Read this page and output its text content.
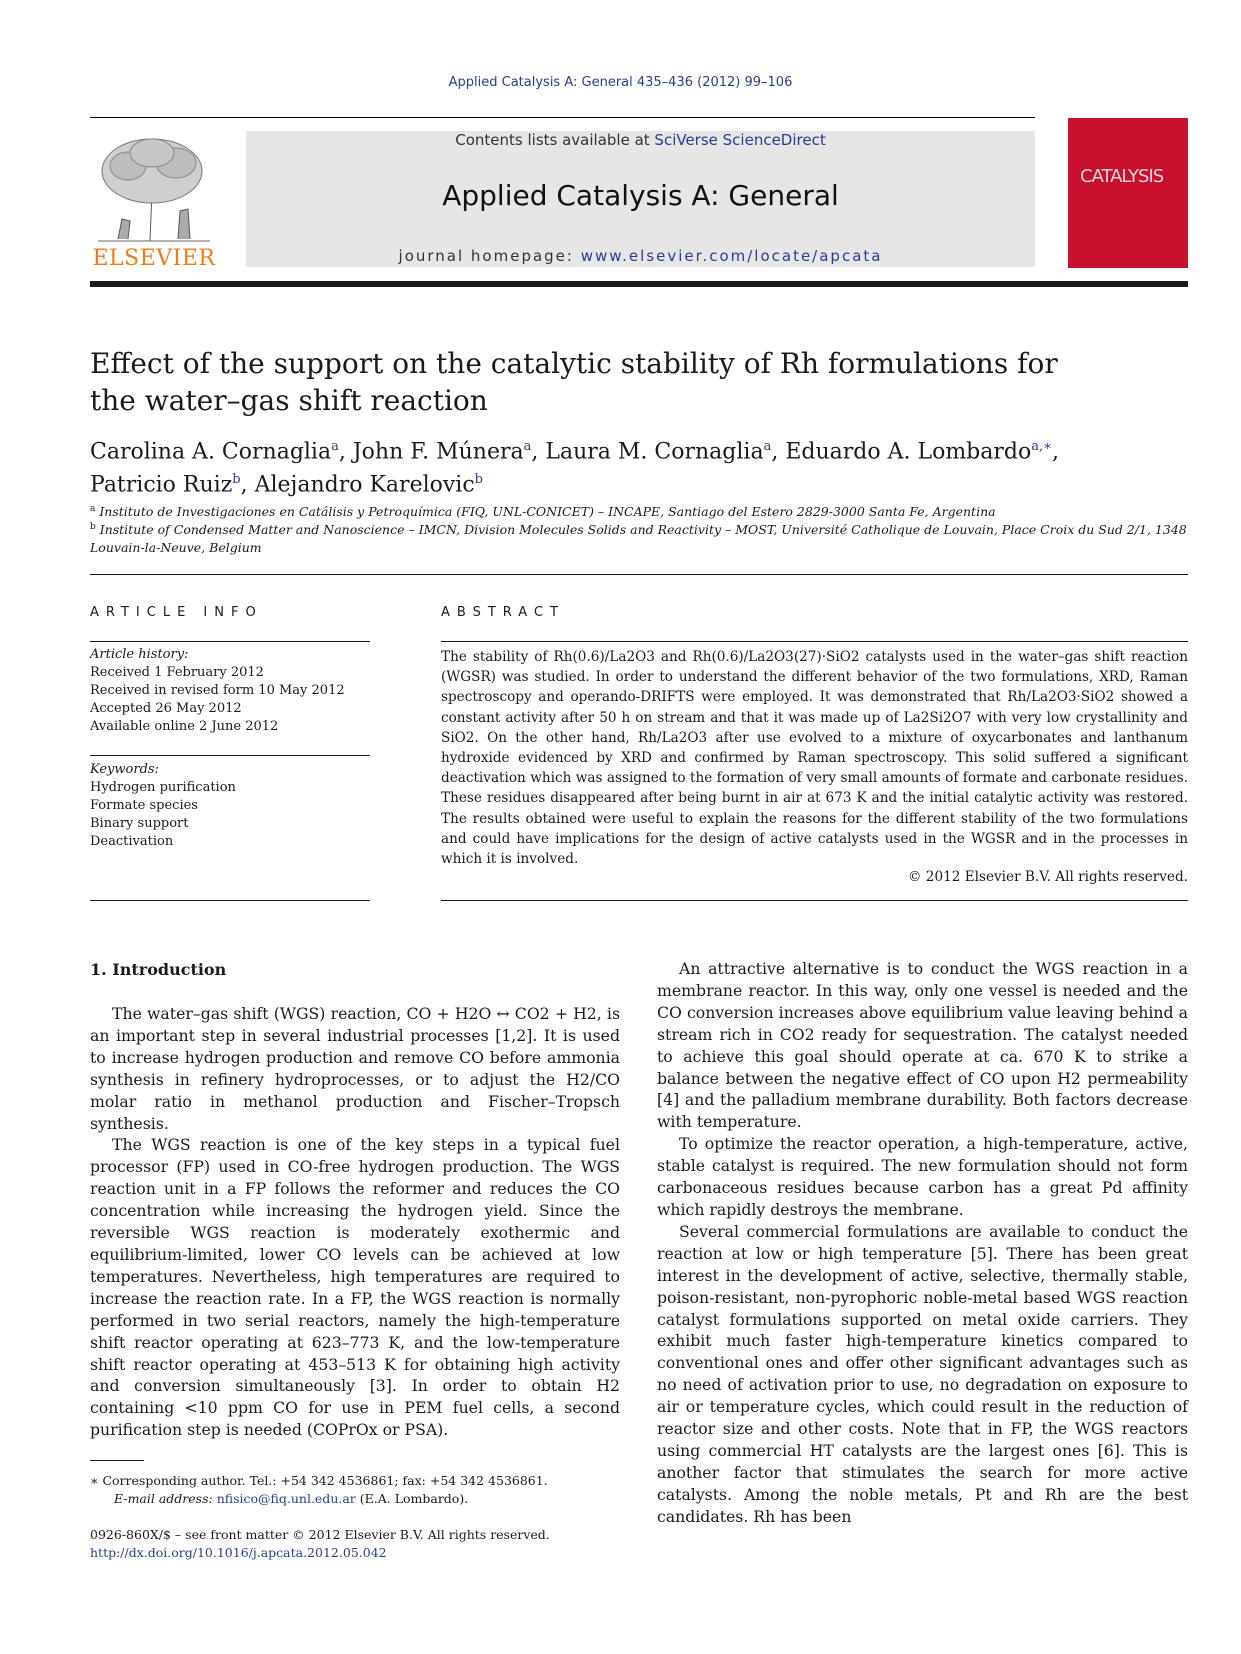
Applied Catalysis A: General 435–436 (2012) 99–106
ELSEVIER
Contents lists available at SciVerse ScienceDirect
Applied Catalysis A: General
journal homepage: www.elsevier.com/locate/apcata
CATALYSIS
Effect of the support on the catalytic stability of Rh formulations for
the water–gas shift reaction
Carolina A. Cornaglia$^a$, John F. Múnera$^a$, Laura M. Cornaglia$^a$, Eduardo A. Lombardo$^{a,∗}$,
Patricio Ruiz$^b$, Alejandro Karelovic$^b$
$^a$ Instituto de Investigaciones en Catálisis y Petroquímica (FIQ, UNL-CONICET) – INCAPE, Santiago del Estero 2829-3000 Santa Fe, Argentina
$^b$ Institute of Condensed Matter and Nanoscience – IMCN, Division Molecules Solids and Reactivity – MOST, Université Catholique de Louvain, Place Croix du Sud 2/1, 1348 Louvain-la-Neuve, Belgium
ARTICLE INFO
Article history:
Received 1 February 2012
Received in revised form 10 May 2012
Accepted 26 May 2012
Available online 2 June 2012
Keywords:
Hydrogen purification
Formate species
Binary support
Deactivation
ABSTRACT
The stability of Rh(0.6)/La2O3 and Rh(0.6)/La2O3(27)·SiO2 catalysts used in the water–gas shift reaction (WGSR) was studied. In order to understand the different behavior of the two formulations, XRD, Raman spectroscopy and operando-DRIFTS were employed. It was demonstrated that Rh/La2O3·SiO2 showed a constant activity after 50 h on stream and that it was made up of La2Si2O7 with very low crystallinity and SiO2. On the other hand, Rh/La2O3 after use evolved to a mixture of oxycarbonates and lanthanum hydroxide evidenced by XRD and confirmed by Raman spectroscopy. This solid suffered a significant deactivation which was assigned to the formation of very small amounts of formate and carbonate residues. These residues disappeared after being burnt in air at 673 K and the initial catalytic activity was restored. The results obtained were useful to explain the reasons for the different stability of the two formulations and could have implications for the design of active catalysts used in the WGSR and in the processes in which it is involved.
© 2012 Elsevier B.V. All rights reserved.
1. Introduction

The water–gas shift (WGS) reaction, CO + H2O ↔ CO2 + H2, is an important step in several industrial processes [1,2]. It is used to increase hydrogen production and remove CO before ammonia synthesis in refinery hydroprocesses, or to adjust the H2/CO molar ratio in methanol production and Fischer–Tropsch synthesis.

The WGS reaction is one of the key steps in a typical fuel processor (FP) used in CO-free hydrogen production. The WGS reaction unit in a FP follows the reformer and reduces the CO concentration while increasing the hydrogen yield. Since the reversible WGS reaction is moderately exothermic and equilibrium-limited, lower CO levels can be achieved at low temperatures. Nevertheless, high temperatures are required to increase the reaction rate. In a FP, the WGS reaction is normally performed in two serial reactors, namely the high-temperature shift reactor operating at 623–773 K, and the low-temperature shift reactor operating at 453–513 K for obtaining high activity and conversion simultaneously [3]. In order to obtain H2 containing <10 ppm CO for use in PEM fuel cells, a second purification step is needed (COPrOx or PSA).

An attractive alternative is to conduct the WGS reaction in a membrane reactor. In this way, only one vessel is needed and the CO conversion increases above equilibrium value leaving behind a stream rich in CO2 ready for sequestration. The catalyst needed to achieve this goal should operate at ca. 670 K to strike a balance between the negative effect of CO upon H2 permeability [4] and the palladium membrane durability. Both factors decrease with temperature.

To optimize the reactor operation, a high-temperature, active, stable catalyst is required. The new formulation should not form carbonaceous residues because carbon has a great Pd affinity which rapidly destroys the membrane.

Several commercial formulations are available to conduct the reaction at low or high temperature [5]. There has been great interest in the development of active, selective, thermally stable, poison-resistant, non-pyrophoric noble-metal based WGS reaction catalyst formulations supported on metal oxide carriers. They exhibit much faster high-temperature kinetics compared to conventional ones and offer other significant advantages such as no need of activation prior to use, no degradation on exposure to air or temperature cycles, which could result in the reduction of reactor size and other costs. Note that in FP, the WGS reactors using commercial HT catalysts are the largest ones [6]. This is another factor that stimulates the search for more active catalysts. Among the noble metals, Pt and Rh are the best candidates. Rh has been

∗ Corresponding author. Tel.: +54 342 4536861; fax: +54 342 4536861.
E-mail address: nfisico@fiq.unl.edu.ar (E.A. Lombardo).
0926-860X/$ – see front matter © 2012 Elsevier B.V. All rights reserved.
http://dx.doi.org/10.1016/j.apcata.2012.05.042
